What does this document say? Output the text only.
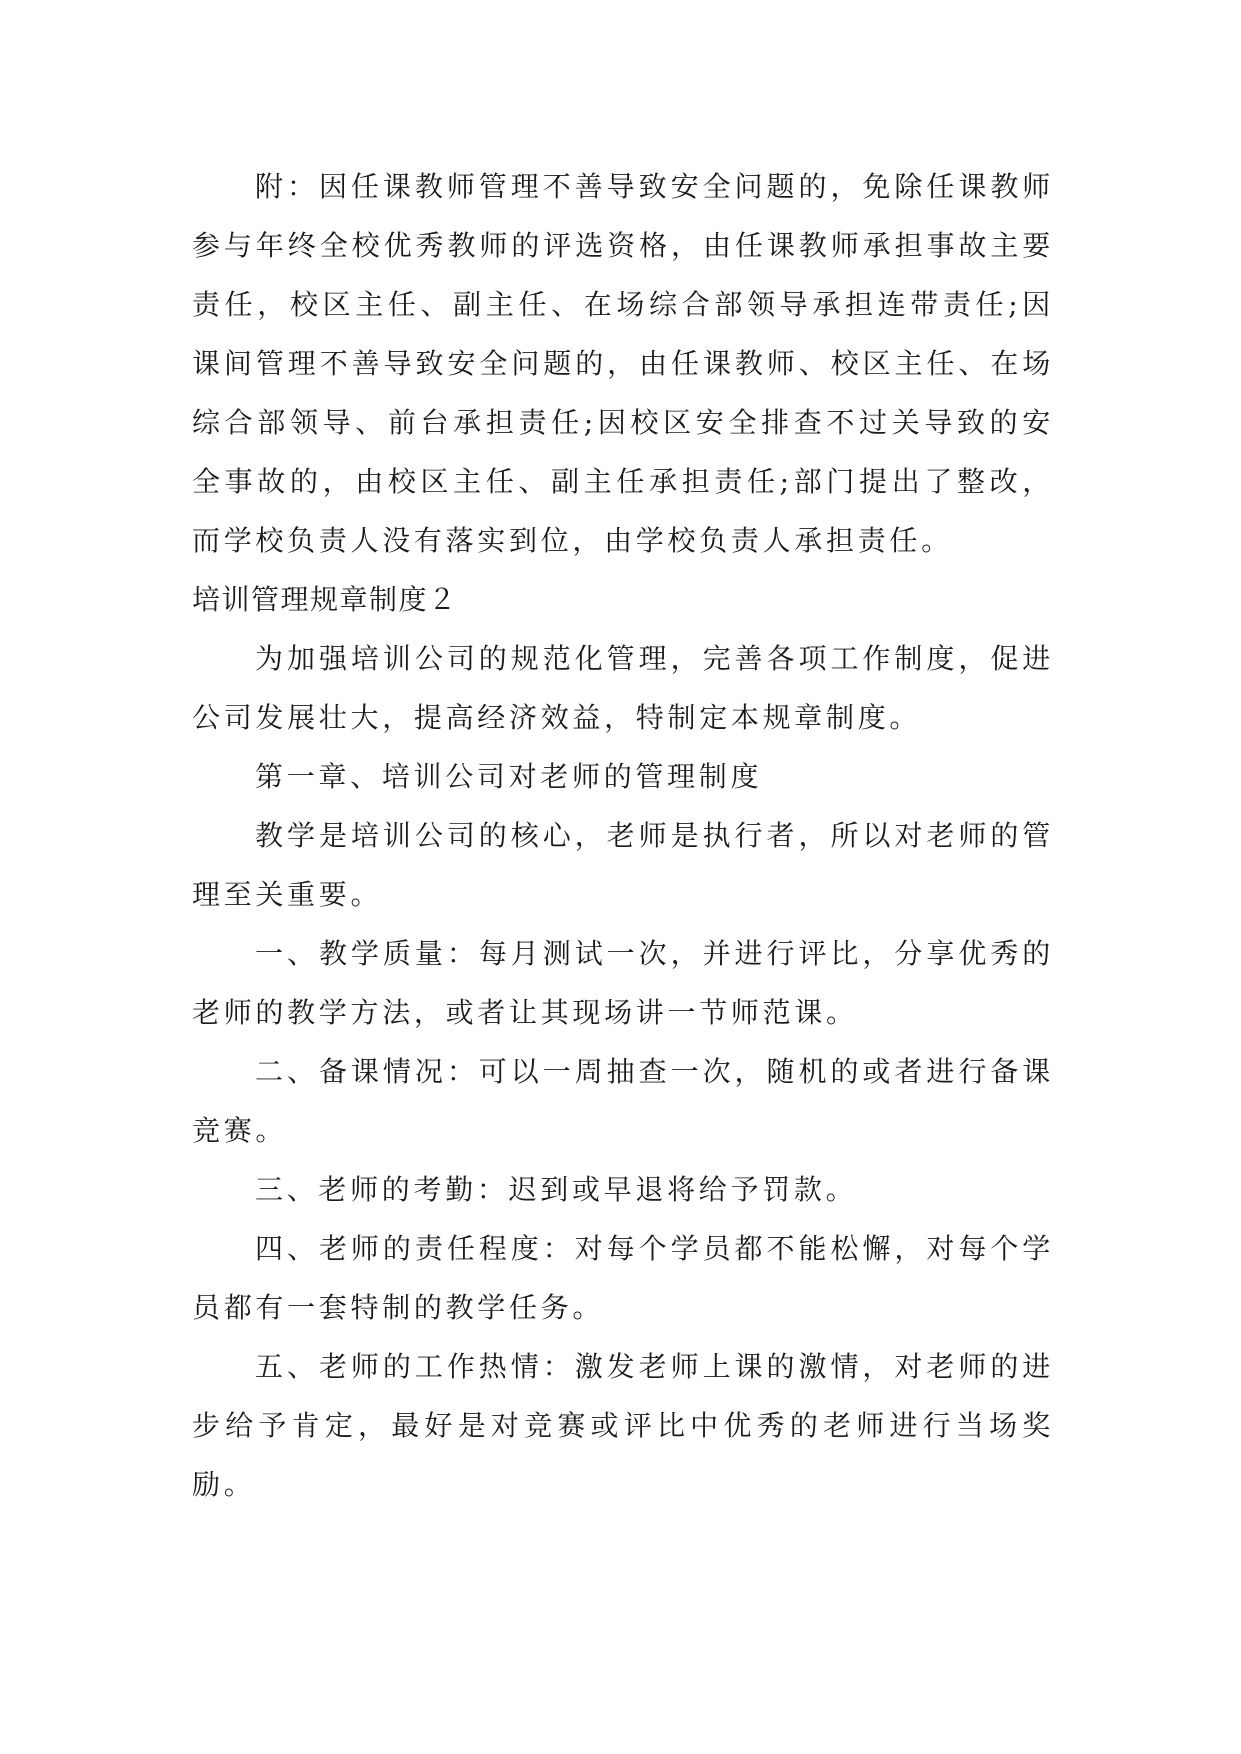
附：因任课教师管理不善导致安全问题的，免除任课教师参与年终全校优秀教师的评选资格，由任课教师承担事故主要责任，校区主任、副主任、在场综合部领导承担连带责任;因课间管理不善导致安全问题的，由任课教师、校区主任、在场综合部领导、前台承担责任;因校区安全排查不过关导致的安全事故的，由校区主任、副主任承担责任;部门提出了整改，而学校负责人没有落实到位，由学校负责人承担责任。

培训管理规章制度２

为加强培训公司的规范化管理，完善各项工作制度，促进公司发展壮大，提高经济效益，特制定本规章制度。

第一章、培训公司对老师的管理制度

教学是培训公司的核心，老师是执行者，所以对老师的管理至关重要。

一、教学质量：每月测试一次，并进行评比，分享优秀的老师的教学方法，或者让其现场讲一节师范课。

二、备课情况：可以一周抽查一次，随机的或者进行备课竞赛。

三、老师的考勤：迟到或早退将给予罚款。

四、老师的责任程度：对每个学员都不能松懈，对每个学员都有一套特制的教学任务。

五、老师的工作热情：激发老师上课的激情，对老师的进步给予肯定，最好是对竞赛或评比中优秀的老师进行当场奖励。
